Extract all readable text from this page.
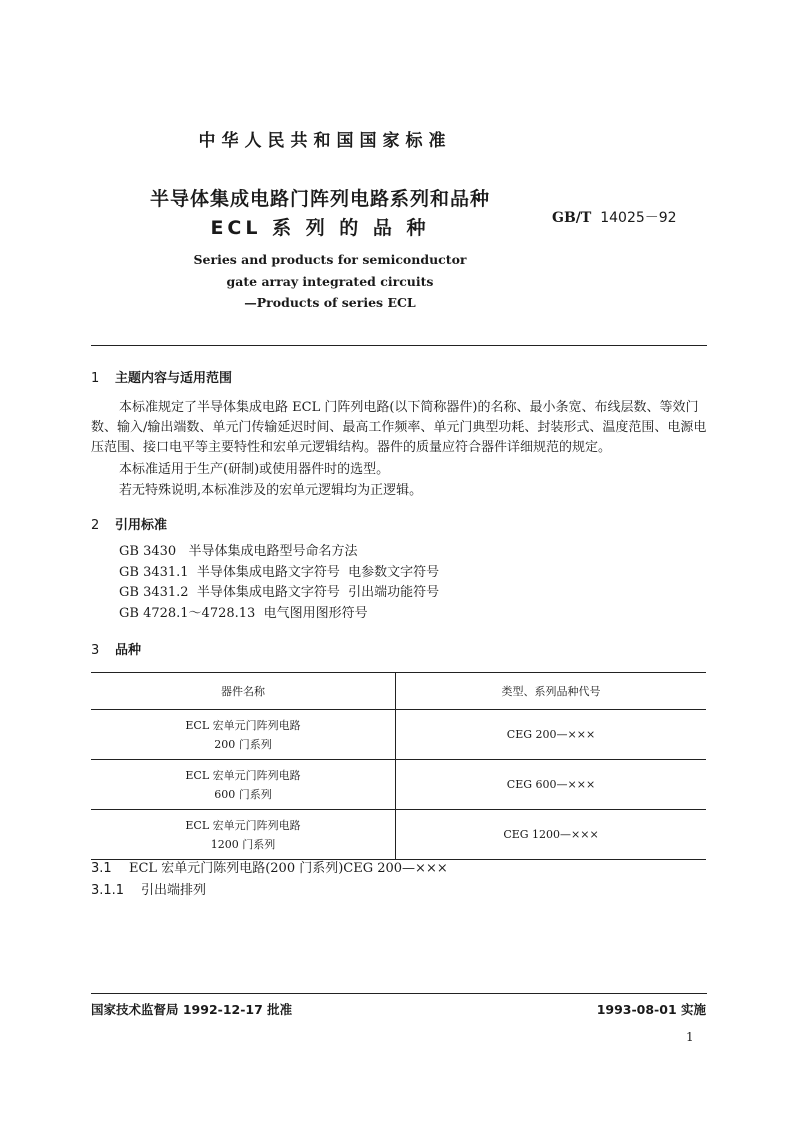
中华人民共和国国家标准
半导体集成电路门阵列电路系列和品种
ECL 系 列 的 品 种	GB/T 14025－92
Series and products for semiconductor
gate array integrated circuits
—Products of series ECL
1 主题内容与适用范围
本标准规定了半导体集成电路 ECL 门阵列电路(以下简称器件)的名称、最小条宽、布线层数、等效门数、输入/输出端数、单元门传输延迟时间、最高工作频率、单元门典型功耗、封装形式、温度范围、电源电压范围、接口电平等主要特性和宏单元逻辑结构。器件的质量应符合器件详细规范的规定。
本标准适用于生产(研制)或使用器件时的选型。
若无特殊说明,本标准涉及的宏单元逻辑均为正逻辑。
2 引用标准
GB 3430   半导体集成电路型号命名方法
GB 3431.1  半导体集成电路文字符号  电参数文字符号
GB 3431.2  半导体集成电路文字符号  引出端功能符号
GB 4728.1～4728.13  电气图用图形符号
3 品种
器件名称	类型、系列品种代号

ECL 宏单元门阵列电路
200 门系列	CEG 200—×××

ECL 宏单元门阵列电路
600 门系列	CEG 600—×××

ECL 宏单元门阵列电路
1200 门系列	CEG 1200—×××
3.1 ECL 宏单元门陈列电路(200 门系列)CEG 200—×××
3.1.1 引出端排列
国家技术监督局 1992-12-17 批准	1993-08-01 实施
1
